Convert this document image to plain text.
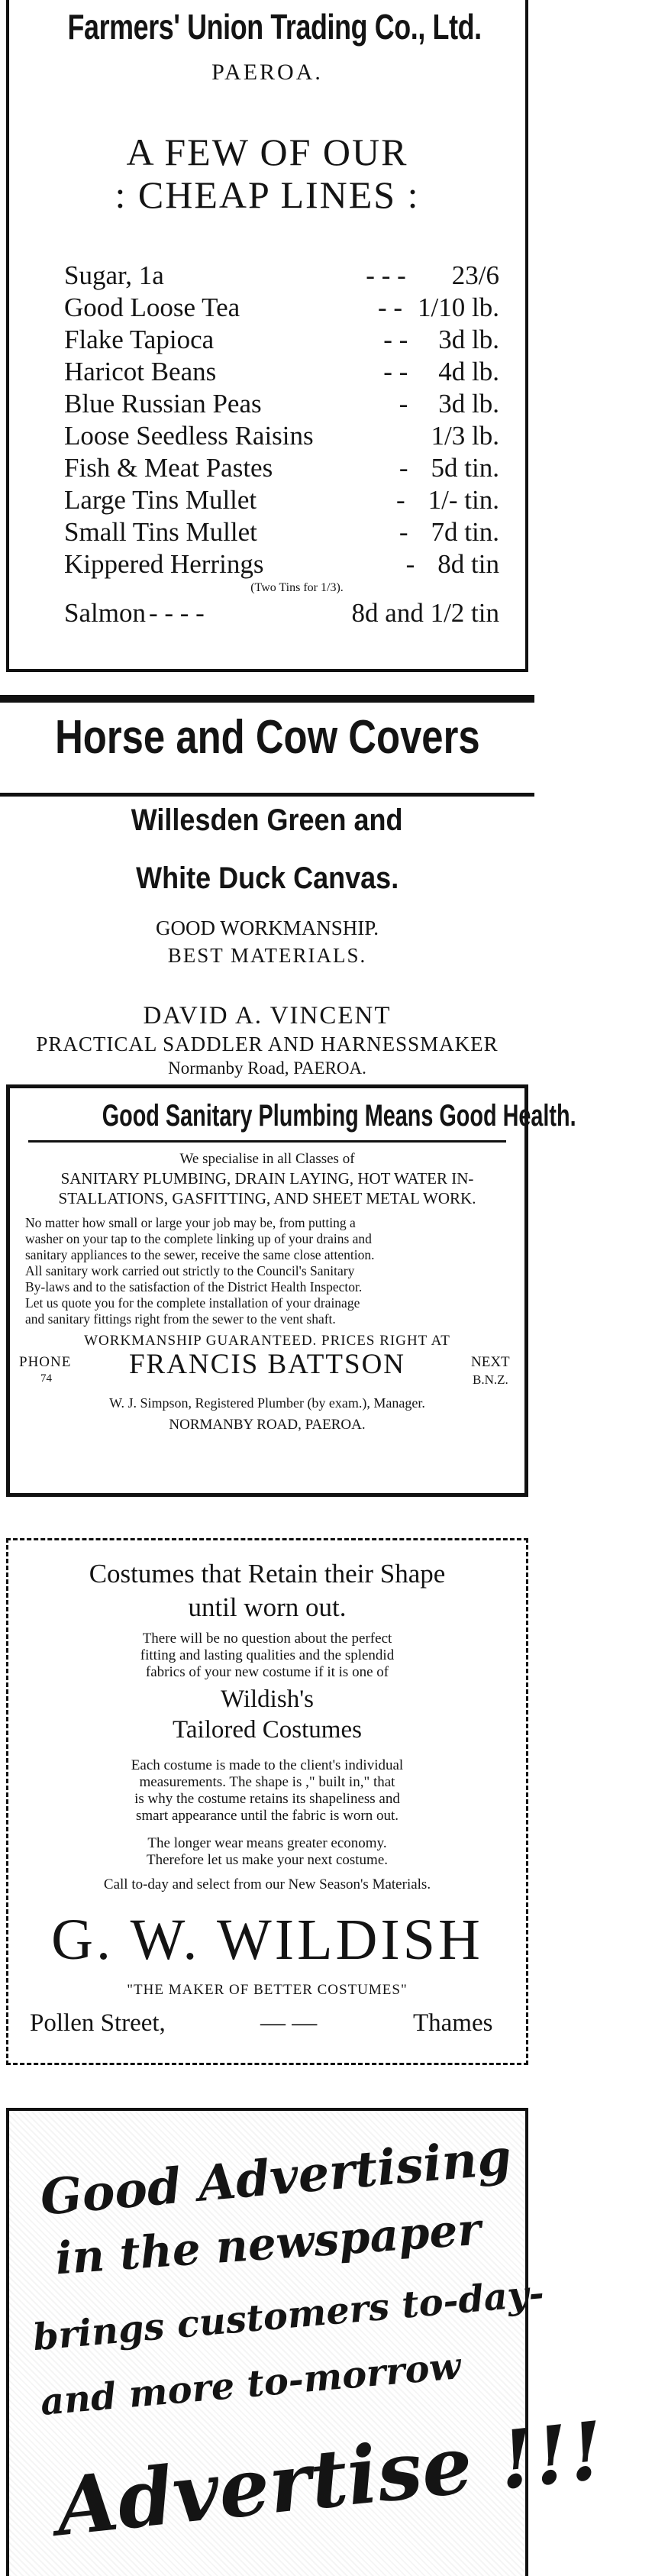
Farmers' Union Trading Co., Ltd.
PAEROA.
A FEW OF OUR
: CHEAP LINES :
Sugar, 1a	- - - 23/6
Good Loose Tea	- - 1/10 lb.
Flake Tapioca	- - 3d lb.
Haricot Beans	- - 4d lb.
Blue Russian Peas	- 3d lb.
Loose Seedless Raisins	1/3 lb.
Fish & Meat Pastes	- 5d tin.
Large Tins Mullet	- 1/- tin.
Small Tins Mullet	- 7d tin.
Kippered Herrings	- 8d tin
(Two Tins for 1/3).
Salmon - - - -	8d and 1/2 tin
Horse and Cow Covers
Willesden Green and
White Duck Canvas.
GOOD WORKMANSHIP.
BEST MATERIALS.
DAVID A. VINCENT
PRACTICAL SADDLER AND HARNESSMAKER
Normanby Road, PAEROA.
Good Sanitary Plumbing Means Good Health.
We specialise in all Classes of
SANITARY PLUMBING, DRAIN LAYING, HOT WATER IN-
STALLATIONS, GASFITTING, AND SHEET METAL WORK.
No matter how small or large your job may be, from putting a
washer on your tap to the complete linking up of your drains and
sanitary appliances to the sewer, receive the same close attention.
All sanitary work carried out strictly to the Council's Sanitary
By-laws and to the satisfaction of the District Health Inspector.
Let us quote you for the complete installation of your drainage
and sanitary fittings right from the sewer to the vent shaft.
WORKMANSHIP GUARANTEED. PRICES RIGHT AT
PHONE
74	FRANCIS BATTSON	NEXT
B.N.Z.
W. J. Simpson, Registered Plumber (by exam.), Manager.
NORMANBY ROAD, PAEROA.
Costumes that Retain their Shape
until worn out.
There will be no question about the perfect
fitting and lasting qualities and the splendid
fabrics of your new costume if it is one of
Wildish's
Tailored Costumes
Each costume is made to the client's individual
measurements. The shape is ," built in," that
is why the costume retains its shapeliness and
smart appearance until the fabric is worn out.
The longer wear means greater economy.
Therefore let us make your next costume.
Call to-day and select from our New Season's Materials.
G. W. WILDISH
"THE MAKER OF BETTER COSTUMES"
Pollen Street,	— —	Thames
Good Advertising
in the newspaper
brings customers to-day-
and more to-morrow
Advertise !!!
